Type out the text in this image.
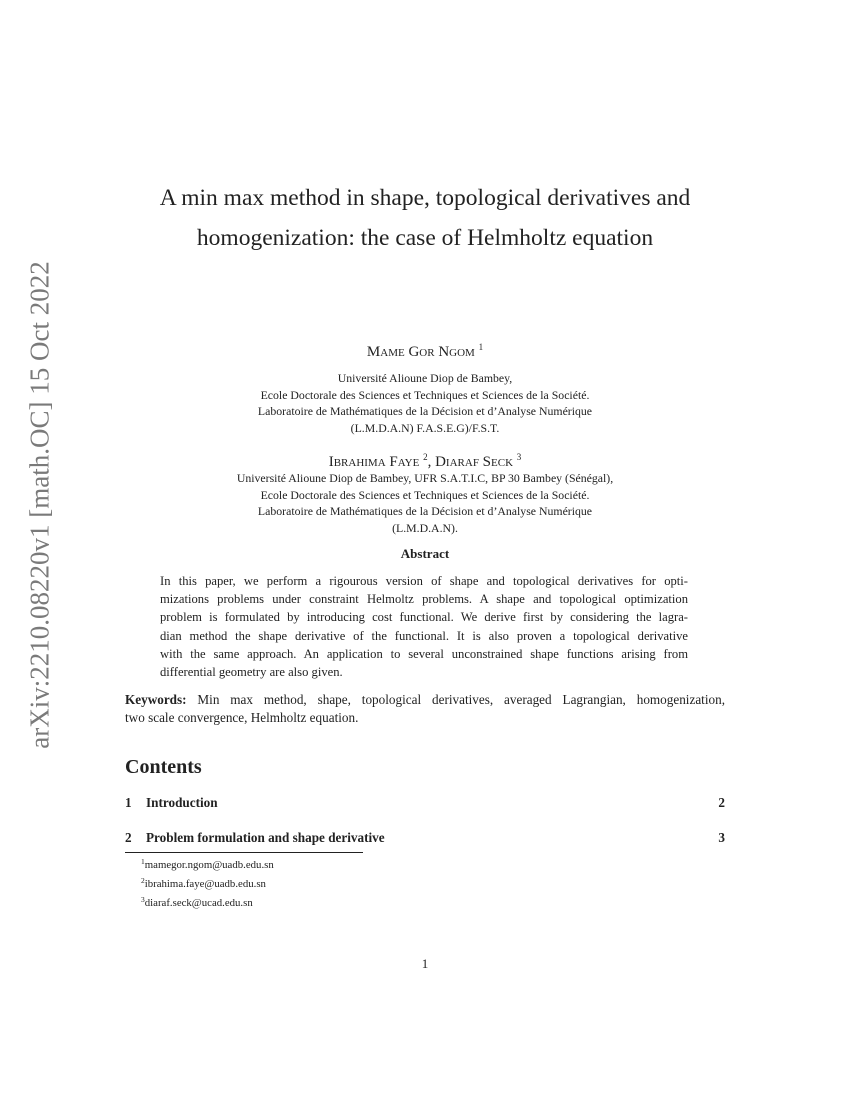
arXiv:2210.08220v1 [math.OC] 15 Oct 2022
A min max method in shape, topological derivatives and
homogenization: the case of Helmholtz equation
Mame Gor Ngom $^1$
Université Alioune Diop de Bambey,
Ecole Doctorale des Sciences et Techniques et Sciences de la Société.
Laboratoire de Mathématiques de la Décision et d’Analyse Numérique
(L.M.D.A.N) F.A.S.E.G)/F.S.T.
Ibrahima Faye $^2$, Diaraf Seck $^3$
Université Alioune Diop de Bambey, UFR S.A.T.I.C, BP 30 Bambey (Sénégal),
Ecole Doctorale des Sciences et Techniques et Sciences de la Société.
Laboratoire de Mathématiques de la Décision et d’Analyse Numérique
(L.M.D.A.N).
Abstract
In this paper, we perform a rigourous version of shape and topological derivatives for opti-
mizations problems under constraint Helmoltz problems. A shape and topological optimization
problem is formulated by introducing cost functional. We derive first by considering the lagra-
dian method the shape derivative of the functional. It is also proven a topological derivative
with the same approach. An application to several unconstrained shape functions arising from
differential geometry are also given.
Keywords: Min max method, shape, topological derivatives, averaged Lagrangian, homogenization,
two scale convergence, Helmholtz equation.
Contents
1 Introduction	2
2 Problem formulation and shape derivative	3
$^1$mamegor.ngom@uadb.edu.sn
$^2$ibrahima.faye@uadb.edu.sn
$^3$diaraf.seck@ucad.edu.sn
1
